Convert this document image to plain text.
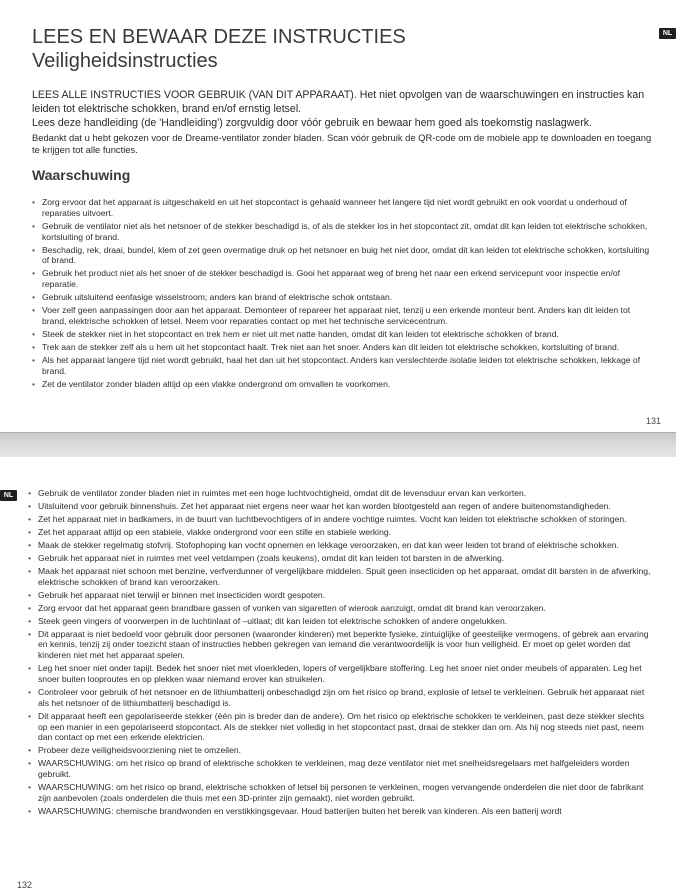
NL
LEES EN BEWAAR DEZE INSTRUCTIES
Veiligheidsinstructies

LEES ALLE INSTRUCTIES VOOR GEBRUIK (VAN DIT APPARAAT). Het niet opvolgen van de waarschuwingen en instructies kan leiden tot elektrische schokken, brand en/of ernstig letsel.

Lees deze handleiding (de 'Handleiding') zorgvuldig door vóór gebruik en bewaar hem goed als toekomstig naslagwerk.

Bedankt dat u hebt gekozen voor de Dreame-ventilator zonder bladen. Scan vóór gebruik de QR-code om de mobiele app te downloaden en toegang te krijgen tot alle functies.

Waarschuwing
• Zorg ervoor dat het apparaat is uitgeschakeld en uit het stopcontact is gehaald wanneer het langere tijd niet wordt gebruikt en ook voordat u onderhoud of reparaties uitvoert.
• Gebruik de ventilator niet als het netsnoer of de stekker beschadigd is, of als de stekker los in het stopcontact zit, omdat dit kan leiden tot elektrische schokken, kortsluiting of brand.
• Beschadig, rek, draai, bundel, klem of zet geen overmatige druk op het netsnoer en buig het niet door, omdat dit kan leiden tot elektrische schokken, kortsluiting of brand.
• Gebruik het product niet als het snoer of de stekker beschadigd is. Gooi het apparaat weg of breng het naar een erkend servicepunt voor inspectie en/of reparatie.
• Gebruik uitsluitend eenfasige wisselstroom; anders kan brand of elektrische schok ontstaan.
• Voer zelf geen aanpassingen door aan het apparaat. Demonteer of repareer het apparaat niet, tenzij u een erkende monteur bent. Anders kan dit leiden tot brand, elektrische schokken of letsel. Neem voor reparaties contact op met het technische servicecentrum.
• Steek de stekker niet in het stopcontact en trek hem er niet uit met natte handen, omdat dit kan leiden tot elektrische schokken of brand.
• Trek aan de stekker zelf als u hem uit het stopcontact haalt. Trek niet aan het snoer. Anders kan dit leiden tot elektrische schokken, kortsluiting of brand.
• Als het apparaat langere tijd niet wordt gebruikt, haal het dan uit het stopcontact. Anders kan verslechterde isolatie leiden tot elektrische schokken, lekkage of brand.
• Zet de ventilator zonder bladen altijd op een vlakke ondergrond om omvallen te voorkomen.
131
NL
•	Gebruik de ventilator zonder bladen niet in ruimtes met een hoge luchtvochtigheid, omdat dit de levensduur ervan kan verkorten.
• Uitsluitend voor gebruik binnenshuis. Zet het apparaat niet ergens neer waar het kan worden blootgesteld aan regen of andere buitenomstandigheden.
• Zet het apparaat niet in badkamers, in de buurt van luchtbevochtigers of in andere vochtige ruimtes. Vocht kan leiden tot elektrische schokken of storingen.
• Zet het apparaat altijd op een stabiele, vlakke ondergrond voor een stille en stabiele werking.
• Maak de stekker regelmatig stofvrij. Stofophoping kan vocht opnemen en lekkage veroorzaken, en dat kan weer leiden tot brand of elektrische schokken.
• Gebruik het apparaat niet in ruimtes met veel vetdampen (zoals keukens), omdat dit kan leiden tot barsten in de afwerking.
• Maak het apparaat niet schoon met benzine, verfverdunner of vergelijkbare middelen. Spuit geen insecticiden op het apparaat, omdat dit barsten in de afwerking, elektrische schokken of brand kan veroorzaken.
• Gebruik het apparaat niet terwijl er binnen met insecticiden wordt gespoten.
• Zorg ervoor dat het apparaat geen brandbare gassen of vonken van sigaretten of wierook aanzuigt, omdat dit brand kan veroorzaken.
• Steek geen vingers of voorwerpen in de luchtinlaat of –uitlaat; dit kan leiden tot elektrische schokken of andere ongelukken.
• Dit apparaat is niet bedoeld voor gebruik door personen (waaronder kinderen) met beperkte fysieke, zintuiglijke of geestelijke vermogens, of gebrek aan ervaring en kennis, tenzij zij onder toezicht staan of instructies hebben gekregen van iemand die verantwoordelijk is voor hun veiligheid. Er moet op gelet worden dat kinderen niet met het apparaat spelen.
• Leg het snoer niet onder tapijt. Bedek het snoer niet met vloerkleden, lopers of vergelijkbare stoffering. Leg het snoer niet onder meubels of apparaten. Leg het snoer buiten looproutes en op plekken waar niemand erover kan struikelen.
• Controleer voor gebruik of het netsnoer en de lithiumbatterij onbeschadigd zijn om het risico op brand, explosie of letsel te verkleinen. Gebruik het apparaat niet als het netsnoer of de lithiumbatterij beschadigd is.
• Dit apparaat heeft een gepolariseerde stekker (één pin is breder dan de andere). Om het risico op elektrische schokken te verkleinen, past deze stekker slechts op een manier in een gepolariseerd stopcontact. Als de stekker niet volledig in het stopcontact past, draai de stekker dan om. Als hij nog steeds niet past, neem dan contact op met een erkende elektricien.
• Probeer deze veiligheidsvoorziening niet te omzeilen.
• WAARSCHUWING: om het risico op brand of elektrische schokken te verkleinen, mag deze ventilator niet met snelheidsregelaars met halfgeleiders worden gebruikt.
• WAARSCHUWING: om het risico op brand, elektrische schokken of letsel bij personen te verkleinen, mogen vervangende onderdelen die niet door de fabrikant zijn aanbevolen (zoals onderdelen die thuis met een 3D-printer zijn gemaakt), niet worden gebruikt.
• WAARSCHUWING: chemische brandwonden en verstikkingsgevaar. Houd batterijen buiten het bereik van kinderen. Als een batterij wordt
132
